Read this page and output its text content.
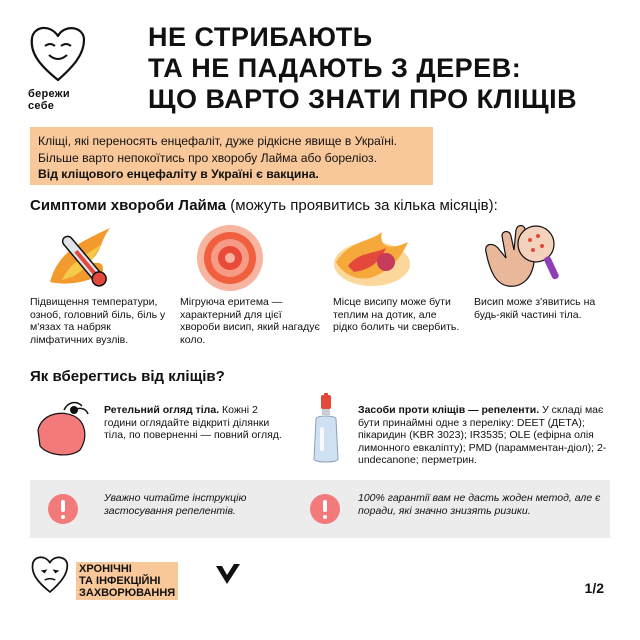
бережи
себе
НЕ СТРИБАЮТЬ
ТА НЕ ПАДАЮТЬ З ДЕРЕВ:
ЩО ВАРТО ЗНАТИ ПРО КЛІЩІВ
Кліщі, які переносять енцефаліт, дуже рідкісне явище в Україні.
Більше варто непокоїтись про хворобу Лайма або бореліоз.
Від кліщового енцефаліту в Україні є вакцина.
Симптоми хвороби Лайма (можуть проявитись за кілька місяців):
Підвищення температури, озноб, головний біль, біль у м'язах та набряк лімфатичних вузлів.
Мігруюча еритема — характерний для цієї хвороби висип, який нагадує коло.
Місце висипу може бути теплим на дотик, але рідко болить чи свербить.
Висип може з'явитись на будь-якій частині тіла.
Як вберегтись від кліщів?
Ретельний огляд тіла. Кожні 2 години оглядайте відкриті ділянки тіла, по поверненні — повний огляд.
Засоби проти кліщів — репеленти. У складі має бути принаймні одне з переліку: DEET (ДЕТА); пікаридин (KBR 3023); IR3535; OLE (ефірна олія лимонного евкаліпту); PMD (парамментан-діол); 2-undecanone; перметрин.
Уважно читайте інструкцію застосування репелентів.
100% гарантії вам не дасть жоден метод, але є поради, які значно знизять ризики.
ХРОНІЧНІ
ТА ІНФЕКЦІЙНІ
ЗАХВОРЮВАННЯ	1/2
